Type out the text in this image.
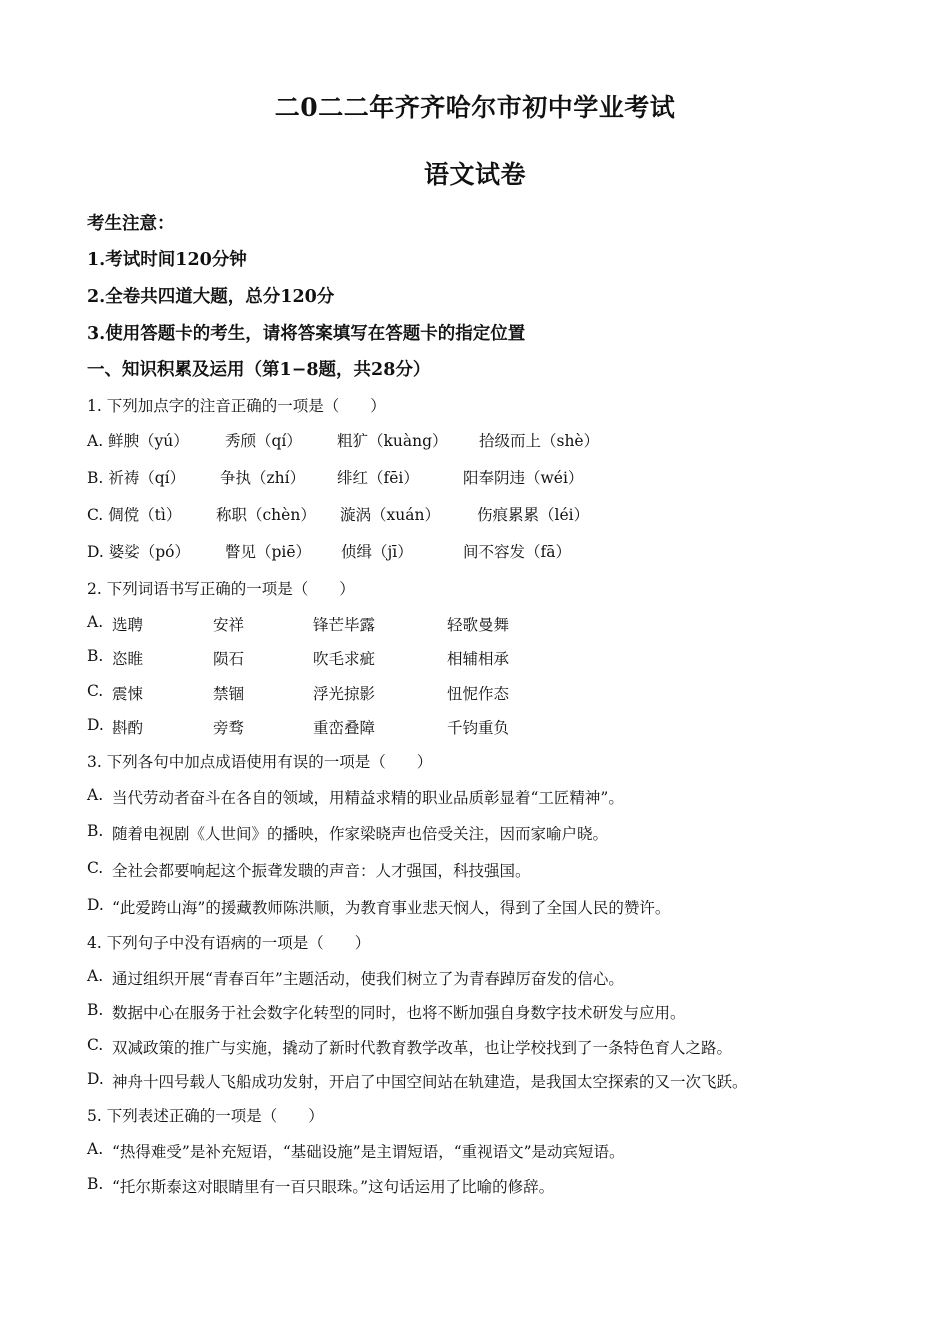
二0二二年齐齐哈尔市初中学业考试
语文试卷
考生注意：
1.考试时间120分钟
2.全卷共四道大题，总分120分
3.使用答题卡的考生，请将答案填写在答题卡的指定位置
一、知识积累及运用（第1−8题，共28分）
1. 下列加点字的注音正确的一项是（　　）
A. 鲜腴（yú） 秀颀（qí） 粗犷（kuàng） 拾级而上（shè）
B. 祈祷（qí） 争执（zhí） 绯红（fēi）	阳奉阴违（wéi）
C. 倜傥（tì） 称职（chèn） 漩涡（xuán） 伤痕累累（léi）
D. 婆娑（pó） 瞥见（piē） 侦缉（jī）	间不容发（fā）
2. 下列词语书写正确的一项是（　　）
A. 选聘	安祥	锋芒毕露	轻歌曼舞
B. 恣睢	陨石	吹毛求疵	相辅相承
C. 震悚	禁锢	浮光掠影	忸怩作态
D. 斟酌	旁骛	重峦叠障	千钧重负
3. 下列各句中加点成语使用有误的一项是（　　）
A. 当代劳动者奋斗在各自的领域，用精益求精的职业品质彰显着“工匠精神”。
B. 随着电视剧《人世间》的播映，作家梁晓声也倍受关注，因而家喻户晓。
C. 全社会都要响起这个振聋发聩的声音：人才强国，科技强国。
D. “此爱跨山海”的援藏教师陈洪顺，为教育事业悲天悯人，得到了全国人民的赞许。
4. 下列句子中没有语病的一项是（　　）
A. 通过组织开展“青春百年”主题活动，使我们树立了为青春踔厉奋发的信心。
B. 数据中心在服务于社会数字化转型的同时，也将不断加强自身数字技术研发与应用。
C. 双减政策的推广与实施，撬动了新时代教育教学改革，也让学校找到了一条特色育人之路。
D. 神舟十四号载人飞船成功发射，开启了中国空间站在轨建造，是我国太空探索的又一次飞跃。
5. 下列表述正确的一项是（　　）
A. “热得难受”是补充短语，“基础设施”是主谓短语，“重视语文”是动宾短语。
B. “托尔斯泰这对眼睛里有一百只眼珠。”这句话运用了比喻的修辞。
